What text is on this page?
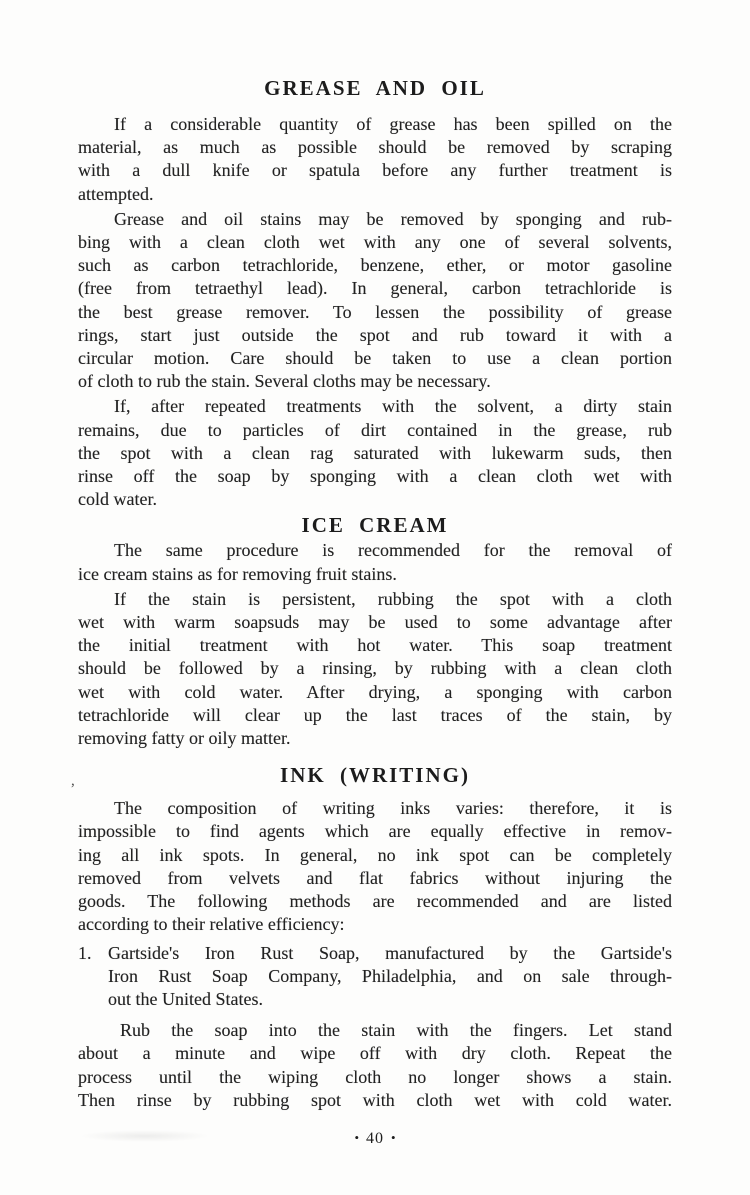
GREASE AND OIL
If a considerable quantity of grease has been spilled on the
material, as much as possible should be removed by scraping
with a dull knife or spatula before any further treatment is
attempted.
Grease and oil stains may be removed by sponging and rub-
bing with a clean cloth wet with any one of several solvents,
such as carbon tetrachloride, benzene, ether, or motor gasoline
(free from tetraethyl lead). In general, carbon tetrachloride is
the best grease remover. To lessen the possibility of grease
rings, start just outside the spot and rub toward it with a
circular motion. Care should be taken to use a clean portion
of cloth to rub the stain. Several cloths may be necessary.
If, after repeated treatments with the solvent, a dirty stain
remains, due to particles of dirt contained in the grease, rub
the spot with a clean rag saturated with lukewarm suds, then
rinse off the soap by sponging with a clean cloth wet with
cold water.
ICE CREAM
The same procedure is recommended for the removal of
ice cream stains as for removing fruit stains.
If the stain is persistent, rubbing the spot with a cloth
wet with warm soapsuds may be used to some advantage after
the initial treatment with hot water. This soap treatment
should be followed by a rinsing, by rubbing with a clean cloth
wet with cold water. After drying, a sponging with carbon
tetrachloride will clear up the last traces of the stain, by
removing fatty or oily matter.
INK (WRITING)
The composition of writing inks varies: therefore, it is
impossible to find agents which are equally effective in remov-
ing all ink spots. In general, no ink spot can be completely
removed from velvets and flat fabrics without injuring the
goods. The following methods are recommended and are listed
according to their relative efficiency:
1. Gartside's Iron Rust Soap, manufactured by the Gartside's
Iron Rust Soap Company, Philadelphia, and on sale through-
out the United States.
Rub the soap into the stain with the fingers. Let stand
about a minute and wipe off with dry cloth. Repeat the
process until the wiping cloth no longer shows a stain.
Then rinse by rubbing spot with cloth wet with cold water.
,
• 40 •
